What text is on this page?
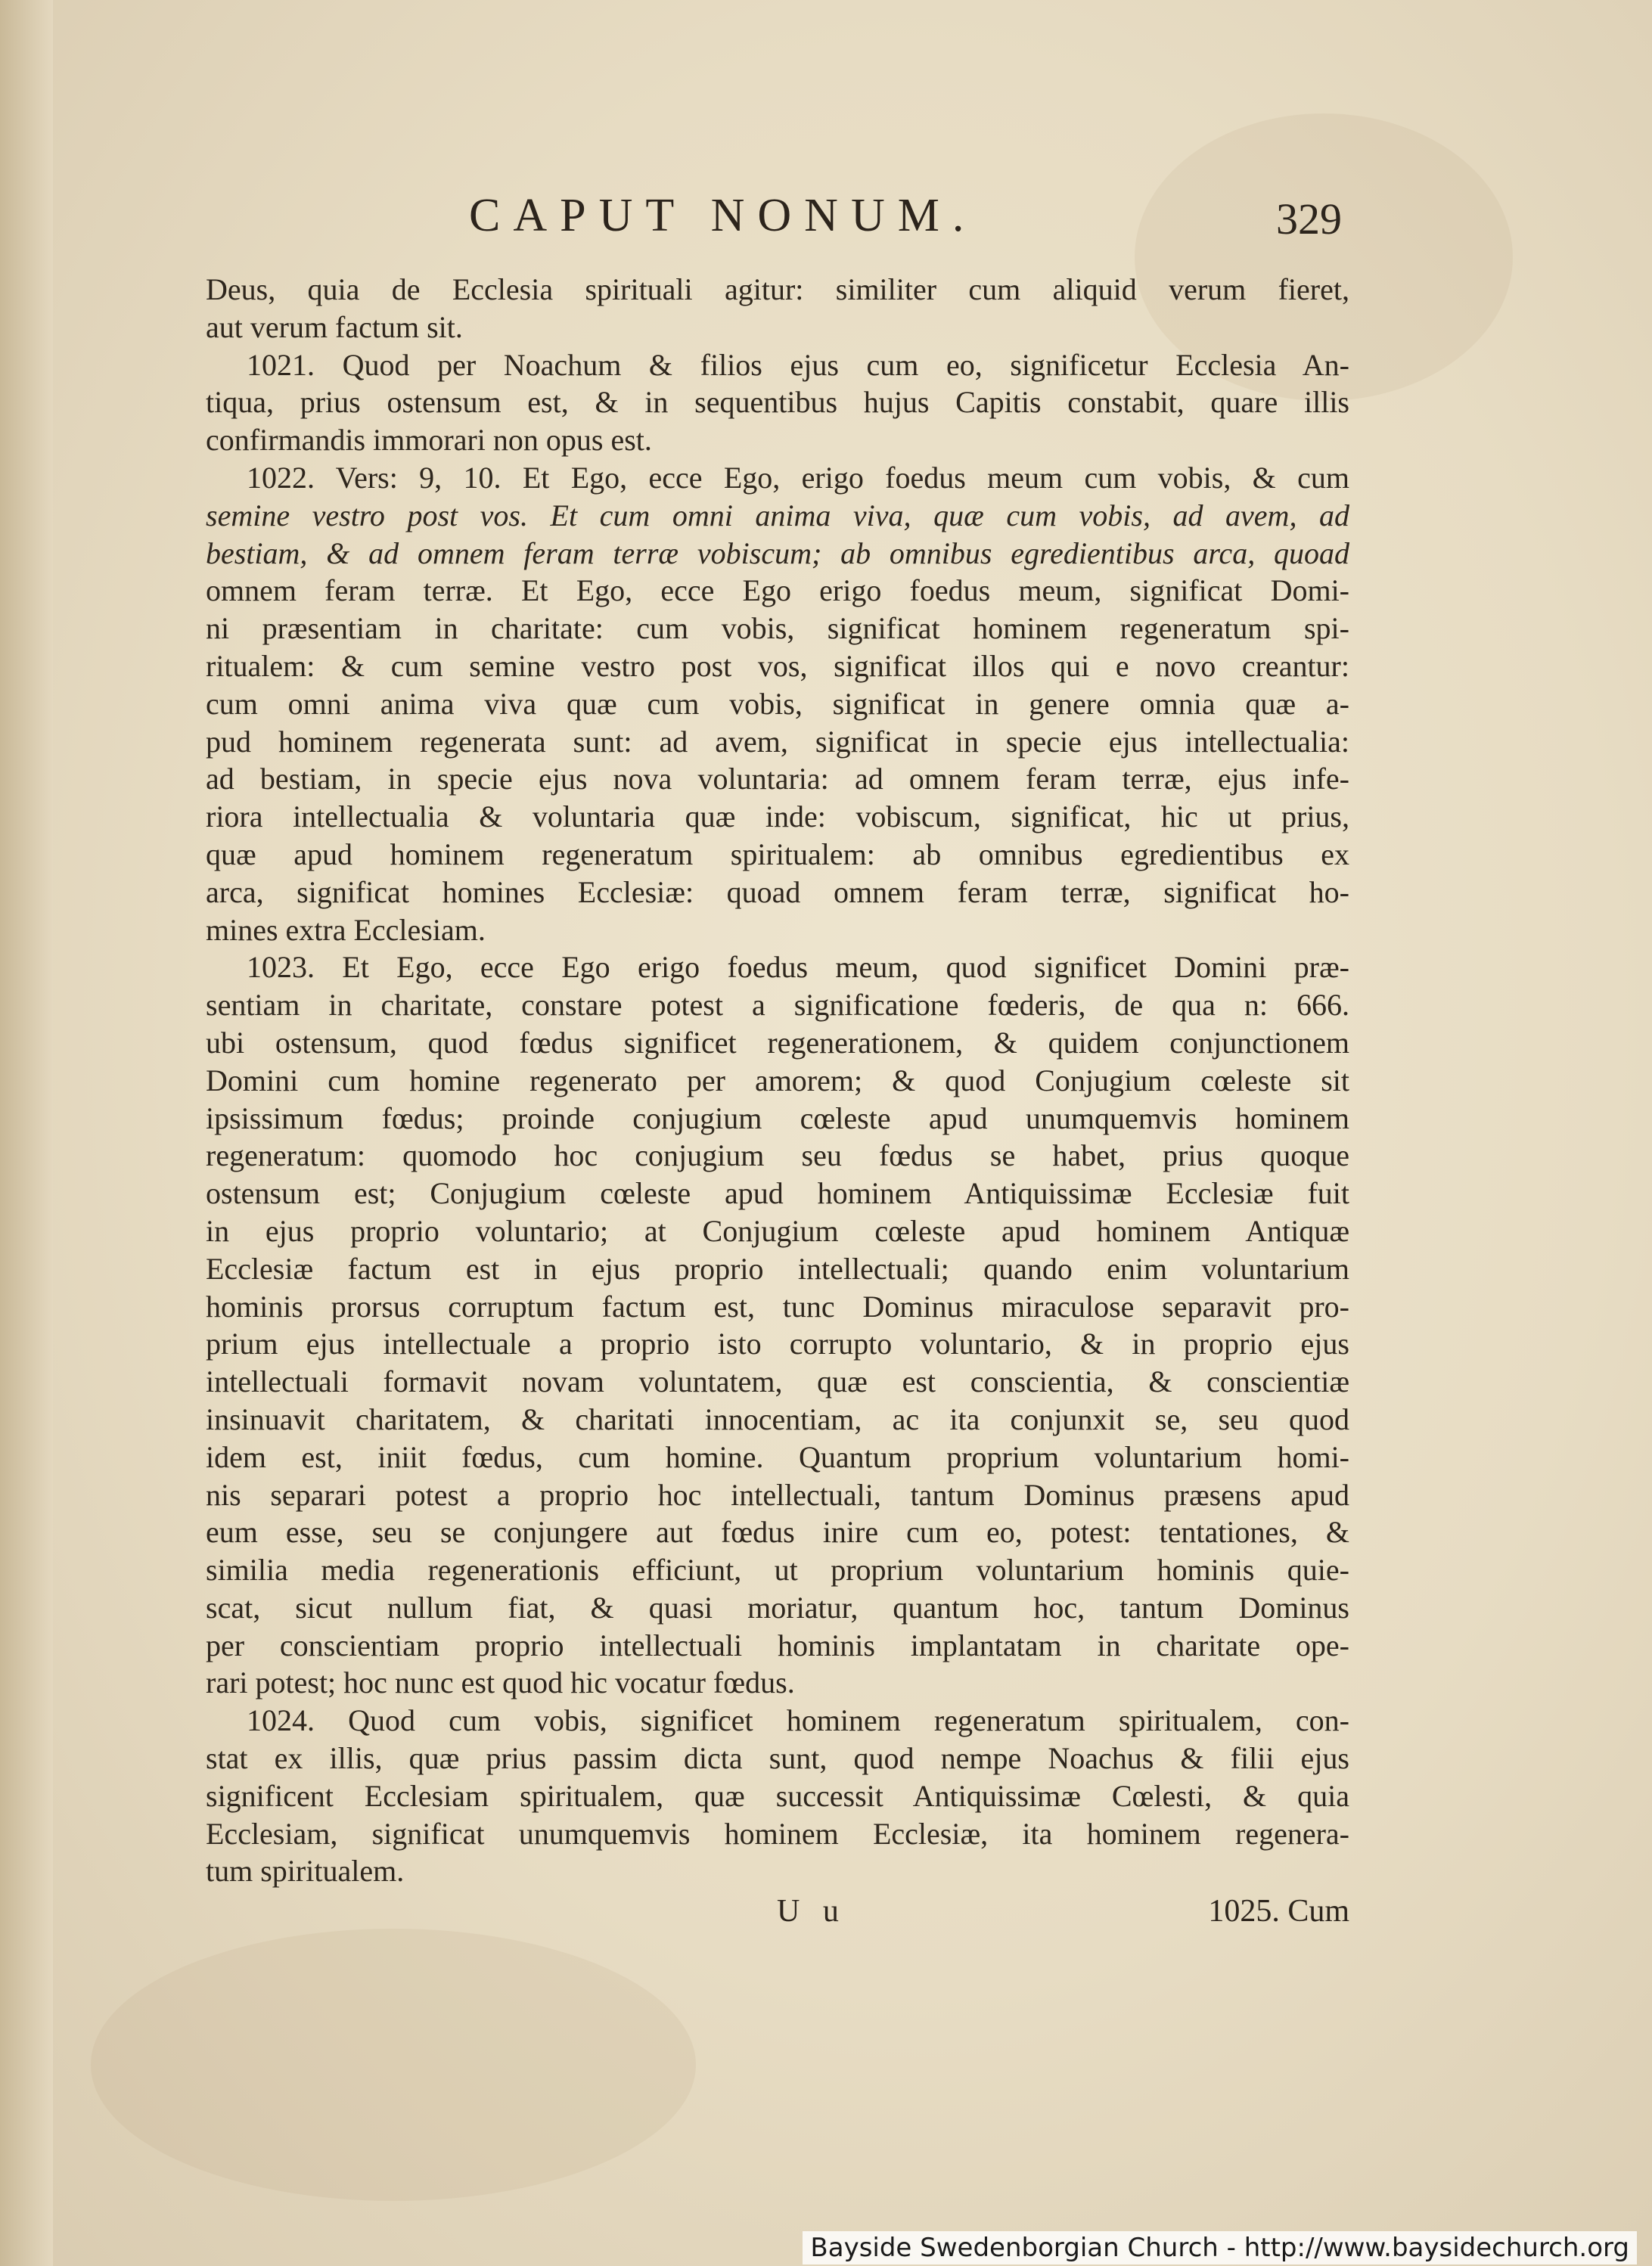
CAPUT NONUM.	329
Deus, quia de Ecclesia spirituali agitur: similiter cum aliquid verum fieret,
aut verum factum sit.
1021. Quod per Noachum & filios ejus cum eo, significetur Ecclesia An-
tiqua, prius ostensum est, & in sequentibus hujus Capitis constabit, quare illis
confirmandis immorari non opus est.
1022. Vers: 9, 10. Et Ego, ecce Ego, erigo foedus meum cum vobis, & cum
semine vestro post vos. Et cum omni anima viva, quæ cum vobis, ad avem, ad
bestiam, & ad omnem feram terræ vobiscum; ab omnibus egredientibus arca, quoad
omnem feram terræ. Et Ego, ecce Ego erigo foedus meum, significat Domi-
ni præsentiam in charitate: cum vobis, significat hominem regeneratum spi-
ritualem: & cum semine vestro post vos, significat illos qui e novo creantur:
cum omni anima viva quæ cum vobis, significat in genere omnia quæ a-
pud hominem regenerata sunt: ad avem, significat in specie ejus intellectualia:
ad bestiam, in specie ejus nova voluntaria: ad omnem feram terræ, ejus infe-
riora intellectualia & voluntaria quæ inde: vobiscum, significat, hic ut prius,
quæ apud hominem regeneratum spiritualem: ab omnibus egredientibus ex
arca, significat homines Ecclesiæ: quoad omnem feram terræ, significat ho-
mines extra Ecclesiam.
1023. Et Ego, ecce Ego erigo foedus meum, quod significet Domini præ-
sentiam in charitate, constare potest a significatione fœderis, de qua n: 666.
ubi ostensum, quod fœdus significet regenerationem, & quidem conjunctionem
Domini cum homine regenerato per amorem; & quod Conjugium cœleste sit
ipsissimum fœdus; proinde conjugium cœleste apud unumquemvis hominem
regeneratum: quomodo hoc conjugium seu fœdus se habet, prius quoque
ostensum est; Conjugium cœleste apud hominem Antiquissimæ Ecclesiæ fuit
in ejus proprio voluntario; at Conjugium cœleste apud hominem Antiquæ
Ecclesiæ factum est in ejus proprio intellectuali; quando enim voluntarium
hominis prorsus corruptum factum est, tunc Dominus miraculose separavit pro-
prium ejus intellectuale a proprio isto corrupto voluntario, & in proprio ejus
intellectuali formavit novam voluntatem, quæ est conscientia, & conscientiæ
insinuavit charitatem, & charitati innocentiam, ac ita conjunxit se, seu quod
idem est, iniit fœdus, cum homine. Quantum proprium voluntarium homi-
nis separari potest a proprio hoc intellectuali, tantum Dominus præsens apud
eum esse, seu se conjungere aut fœdus inire cum eo, potest: tentationes, &
similia media regenerationis efficiunt, ut proprium voluntarium hominis quie-
scat, sicut nullum fiat, & quasi moriatur, quantum hoc, tantum Dominus
per conscientiam proprio intellectuali hominis implantatam in charitate ope-
rari potest; hoc nunc est quod hic vocatur fœdus.
1024. Quod cum vobis, significet hominem regeneratum spiritualem, con-
stat ex illis, quæ prius passim dicta sunt, quod nempe Noachus & filii ejus
significent Ecclesiam spiritualem, quæ successit Antiquissimæ Cœlesti, & quia
Ecclesiam, significat unumquemvis hominem Ecclesiæ, ita hominem regenera-
tum spiritualem.
U u	1025. Cum
Bayside Swedenborgian Church - http://www.baysidechurch.org
